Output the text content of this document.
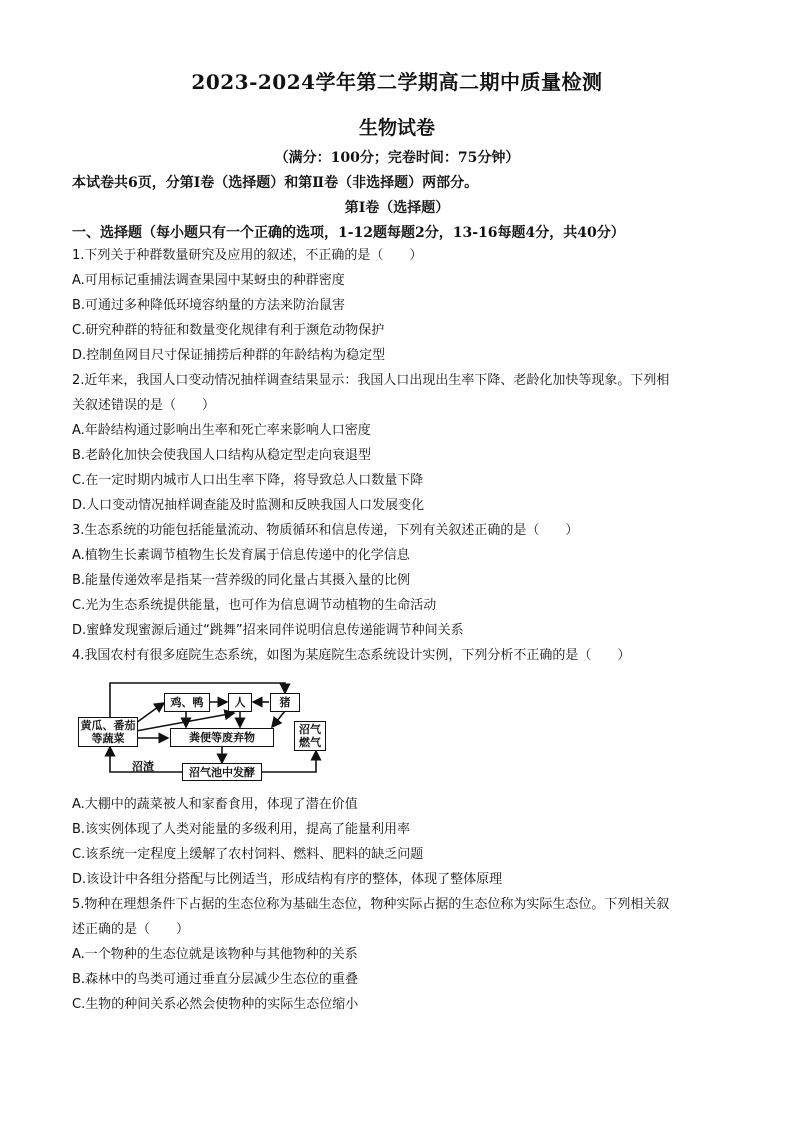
2023-2024学年第二学期高二期中质量检测
生物试卷
（满分：100分；完卷时间：75分钟）
本试卷共6页，分第Ⅰ卷（选择题）和第Ⅱ卷（非选择题）两部分。
第Ⅰ卷（选择题）
一、选择题（每小题只有一个正确的选项，1-12题每题2分，13-16每题4分，共40分）
1.下列关于种群数量研究及应用的叙述，不正确的是（　　）
A.可用标记重捕法调查果园中某蚜虫的种群密度
B.可通过多种降低环境容纳量的方法来防治鼠害
C.研究种群的特征和数量变化规律有利于濒危动物保护
D.控制鱼网目尺寸保证捕捞后种群的年龄结构为稳定型
2.近年来，我国人口变动情况抽样调查结果显示：我国人口出现出生率下降、老龄化加快等现象。下列相
关叙述错误的是（　　）
A.年龄结构通过影响出生率和死亡率来影响人口密度
B.老龄化加快会使我国人口结构从稳定型走向衰退型
C.在一定时期内城市人口出生率下降，将导致总人口数量下降
D.人口变动情况抽样调查能及时监测和反映我国人口发展变化
3.生态系统的功能包括能量流动、物质循环和信息传递，下列有关叙述正确的是（　　）
A.植物生长素调节植物生长发育属于信息传递中的化学信息
B.能量传递效率是指某一营养级的同化量占其摄入量的比例
C.光为生态系统提供能量，也可作为信息调节动植物的生命活动
D.蜜蜂发现蜜源后通过“跳舞”招来同伴说明信息传递能调节种间关系
4.我国农村有很多庭院生态系统，如图为某庭院生态系统设计实例，下列分析不正确的是（　　）
鸡、鸭	人	猪
黄瓜、番茄
等蔬菜	粪便等废弃物
沼气
燃气
沼气池中发酵
沼渣
A.大棚中的蔬菜被人和家畜食用，体现了潜在价值
B.该实例体现了人类对能量的多级利用，提高了能量利用率
C.该系统一定程度上缓解了农村饲料、燃料、肥料的缺乏问题
D.该设计中各组分搭配与比例适当，形成结构有序的整体，体现了整体原理
5.物种在理想条件下占据的生态位称为基础生态位，物种实际占据的生态位称为实际生态位。下列相关叙
述正确的是（　　）
A.一个物种的生态位就是该物种与其他物种的关系
B.森林中的鸟类可通过垂直分层减少生态位的重叠
C.生物的种间关系必然会使物种的实际生态位缩小
